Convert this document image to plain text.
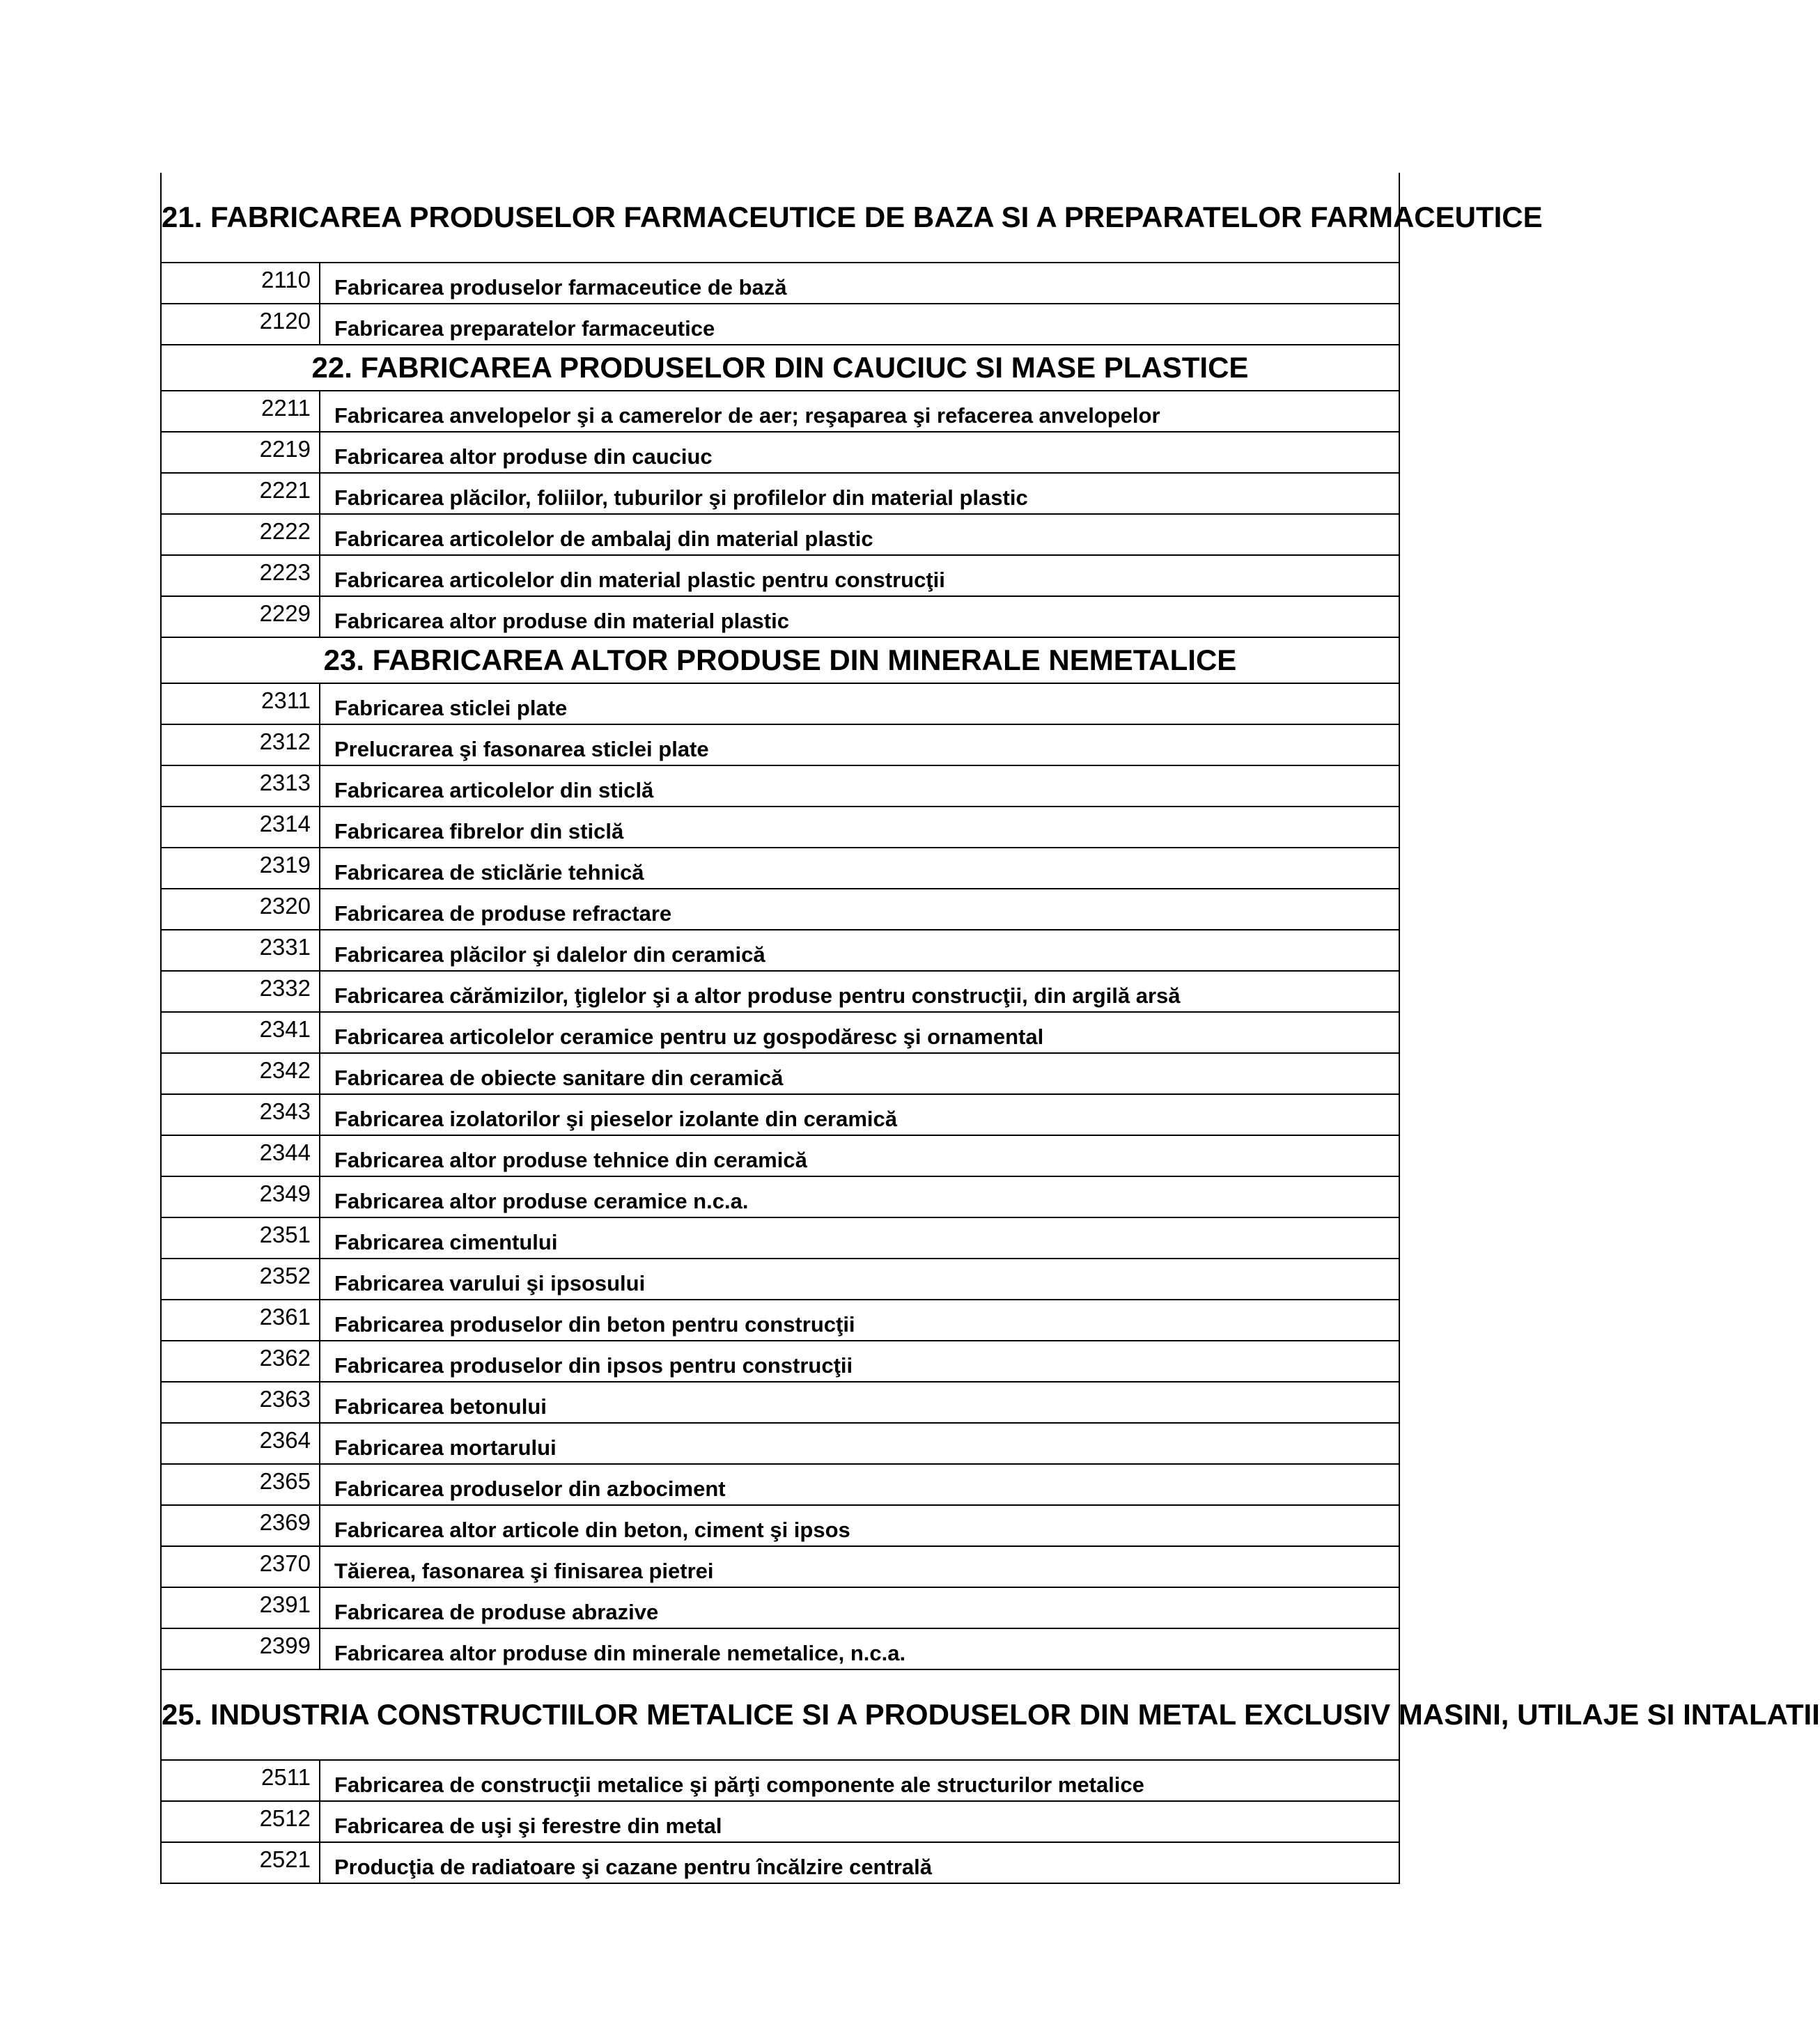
21. FABRICAREA PRODUSELOR FARMACEUTICE DE BAZA SI A PREPARATELOR FARMACEUTICE	
2110	Fabricarea produselor farmaceutice de bază
2120	Fabricarea preparatelor farmaceutice
22. FABRICAREA PRODUSELOR DIN CAUCIUC SI MASE PLASTICE	
2211	Fabricarea anvelopelor şi a camerelor de aer; reşaparea şi refacerea anvelopelor
2219	Fabricarea altor produse din cauciuc
2221	Fabricarea plăcilor, foliilor, tuburilor şi profilelor din material plastic
2222	Fabricarea articolelor de ambalaj din material plastic
2223	Fabricarea articolelor din material plastic pentru construcţii
2229	Fabricarea altor produse din material plastic
23. FABRICAREA ALTOR PRODUSE DIN MINERALE NEMETALICE	
2311	Fabricarea sticlei plate
2312	Prelucrarea şi fasonarea sticlei plate
2313	Fabricarea articolelor din sticlă
2314	Fabricarea fibrelor din sticlă
2319	Fabricarea de sticlărie tehnică
2320	Fabricarea de produse refractare
2331	Fabricarea plăcilor şi dalelor din ceramică
2332	Fabricarea cărămizilor, ţiglelor şi a altor produse pentru construcţii, din argilă arsă
2341	Fabricarea articolelor ceramice pentru uz gospodăresc şi ornamental
2342	Fabricarea de obiecte sanitare din ceramică
2343	Fabricarea izolatorilor şi pieselor izolante din ceramică
2344	Fabricarea altor produse tehnice din ceramică
2349	Fabricarea altor produse ceramice n.c.a.
2351	Fabricarea cimentului
2352	Fabricarea varului şi ipsosului
2361	Fabricarea produselor din beton pentru construcţii
2362	Fabricarea produselor din ipsos pentru construcţii
2363	Fabricarea betonului
2364	Fabricarea mortarului
2365	Fabricarea produselor din azbociment
2369	Fabricarea altor articole din beton, ciment şi ipsos
2370	Tăierea, fasonarea şi finisarea pietrei
2391	Fabricarea de produse abrazive
2399	Fabricarea altor produse din minerale nemetalice, n.c.a.
25. INDUSTRIA CONSTRUCTIILOR METALICE SI A PRODUSELOR DIN METAL EXCLUSIV MASINI, UTILAJE SI INTALATII	
2511	Fabricarea de construcţii metalice şi părţi componente ale structurilor metalice
2512	Fabricarea de uşi şi ferestre din metal
2521	Producţia de radiatoare şi cazane pentru încălzire centrală
